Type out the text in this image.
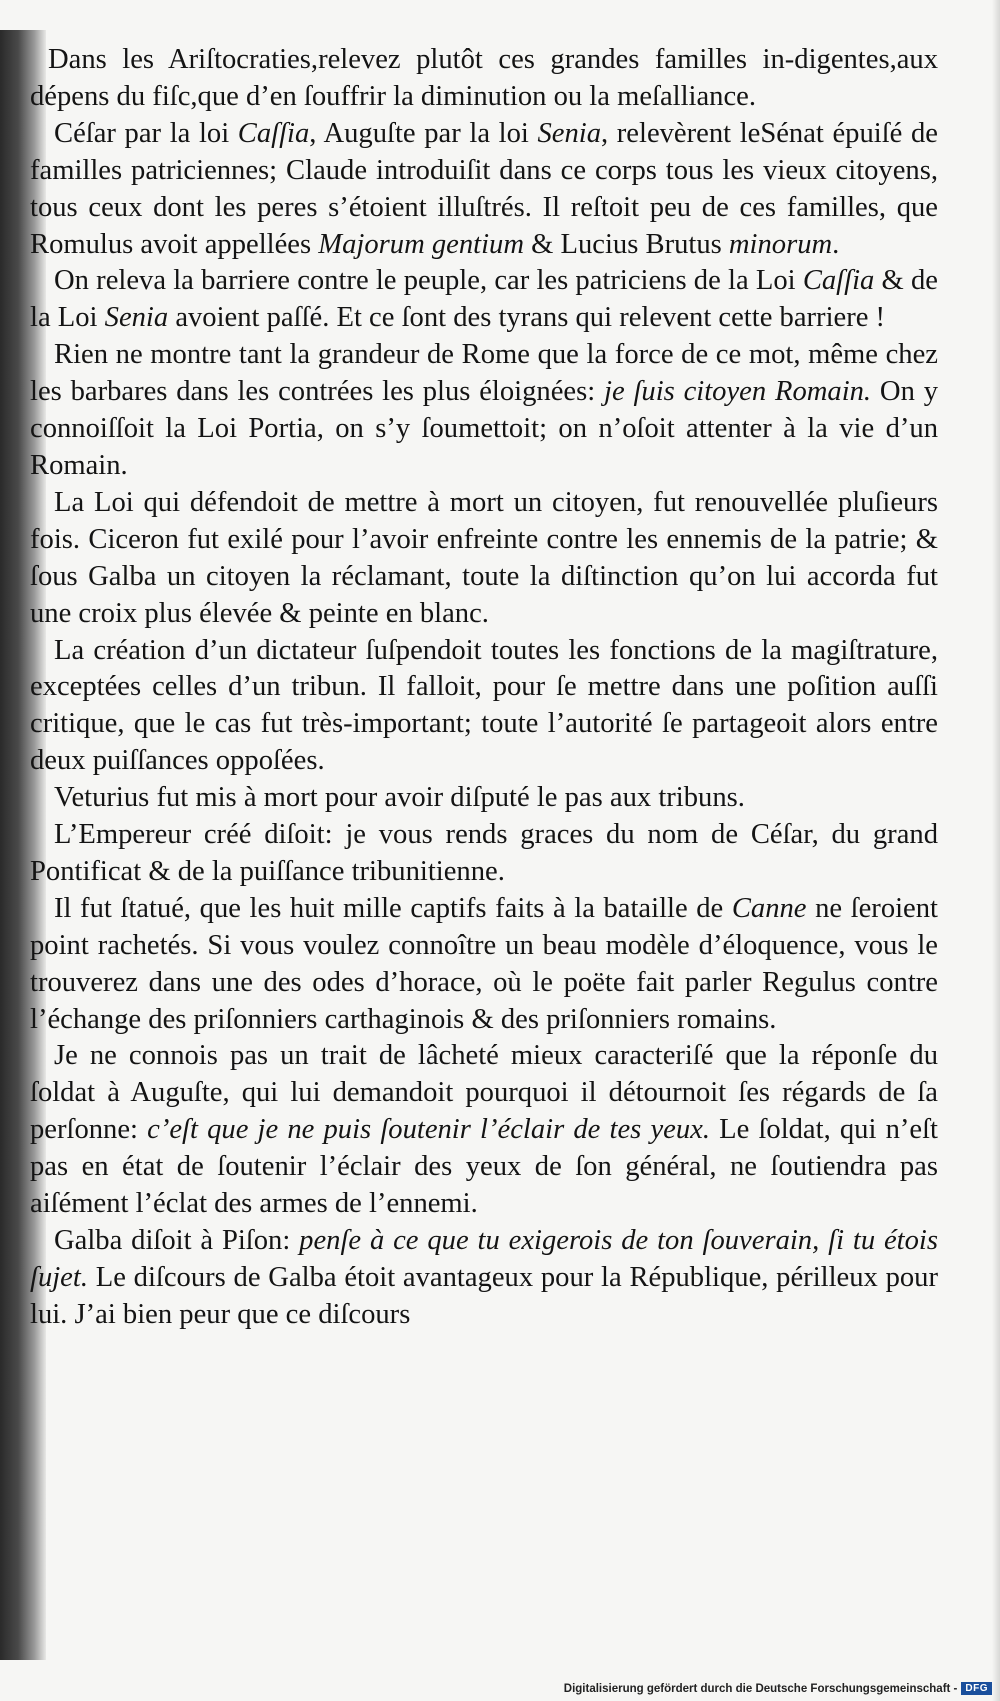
Dans les Ariſtocraties,relevez plutôt ces grandes familles in-digentes,aux dépens du fiſc,que d’en ſouffrir la diminution ou la meſalliance.

Céſar par la loi Caſſia, Auguſte par la loi Senia, relevèrent leSénat épuiſé de familles patriciennes; Claude introduiſit dans ce corps tous les vieux citoyens, tous ceux dont les peres s’étoient illuſtrés. Il reſtoit peu de ces familles, que Romulus avoit appellées Majorum gentium & Lucius Brutus minorum.

On releva la barriere contre le peuple, car les patriciens de la Loi Caſſia & de la Loi Senia avoient paſſé. Et ce ſont des tyrans qui relevent cette barriere !

Rien ne montre tant la grandeur de Rome que la force de ce mot, même chez les barbares dans les contrées les plus éloignées: je ſuis citoyen Romain. On y connoiſſoit la Loi Portia, on s’y ſoumettoit; on n’oſoit attenter à la vie d’un Romain.

La Loi qui défendoit de mettre à mort un citoyen, fut renouvellée pluſieurs fois. Ciceron fut exilé pour l’avoir enfreinte contre les ennemis de la patrie; & ſous Galba un citoyen la réclamant, toute la diſtinction qu’on lui accorda fut une croix plus élevée & peinte en blanc.

La création d’un dictateur ſuſpendoit toutes les fonctions de la magiſtrature, exceptées celles d’un tribun. Il falloit, pour ſe mettre dans une poſition auſſi critique, que le cas fut très-important; toute l’autorité ſe partageoit alors entre deux puiſſances oppoſées.

Veturius fut mis à mort pour avoir diſputé le pas aux tribuns.

L’Empereur créé diſoit: je vous rends graces du nom de Céſar, du grand Pontificat & de la puiſſance tribunitienne.

Il fut ſtatué, que les huit mille captifs faits à la bataille de Canne ne ſeroient point rachetés. Si vous voulez connoître un beau modèle d’éloquence, vous le trouverez dans une des odes d’horace, où le poëte fait parler Regulus contre l’échange des priſonniers carthaginois & des priſonniers romains.

Je ne connois pas un trait de lâcheté mieux caracteriſé que la réponſe du ſoldat à Auguſte, qui lui demandoit pourquoi il détournoit ſes régards de ſa perſonne: c’eſt que je ne puis ſoutenir l’éclair de tes yeux. Le ſoldat, qui n’eſt pas en état de ſoutenir l’éclair des yeux de ſon général, ne ſoutiendra pas aiſément l’éclat des armes de l’ennemi.

Galba diſoit à Piſon: penſe à ce que tu exigerois de ton ſouverain, ſi tu étois ſujet. Le diſcours de Galba étoit avantageux pour la République, périlleux pour lui. J’ai bien peur que ce diſcours

Digitalisierung gefördert durch die Deutsche Forschungsgemeinschaft - DFG
